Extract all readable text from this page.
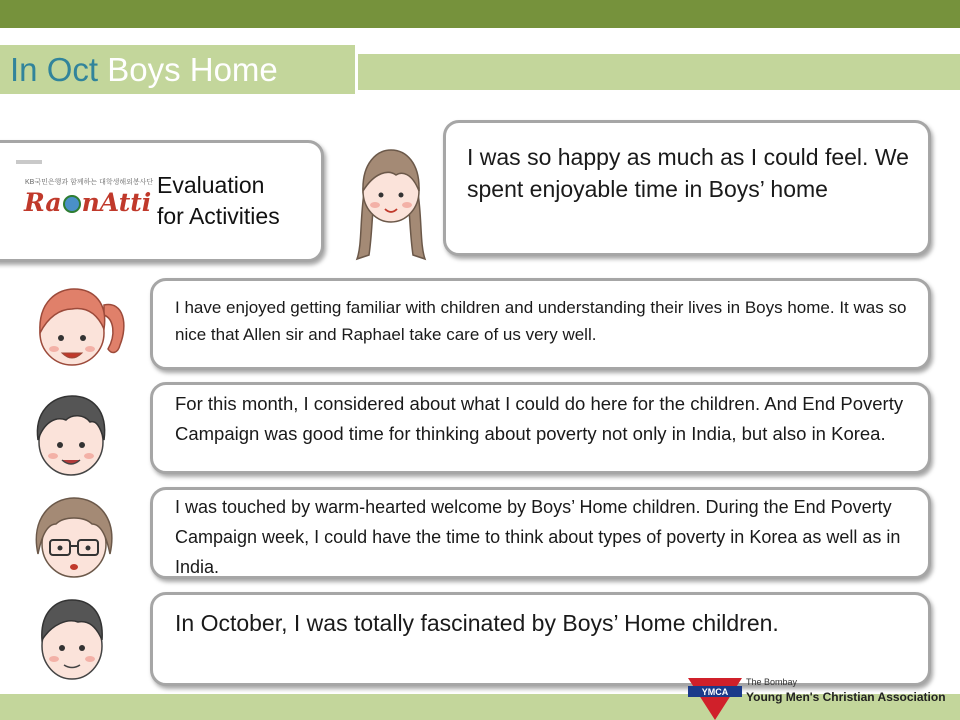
In Oct Boys Home
KB국민은행과 함께하는 대학생해외봉사단
Ra nAtti
Evaluation
for Activities
I was so happy as much as I could feel. We spent enjoyable time in Boys’ home
I have enjoyed getting familiar with children and understanding their lives in Boys home. It was so nice that Allen sir and Raphael take care of us very well.
For this month, I considered about what I could do here for the children. And End Poverty Campaign was good time for thinking about poverty not only in India, but also in Korea.
I was touched by warm-hearted welcome by Boys’ Home children. During the End Poverty Campaign week, I could have the time to think about types of poverty in Korea as well as in India.
In October, I was totally fascinated by Boys’ Home children.
YMCA
The Bombay
Young Men's Christian Association
